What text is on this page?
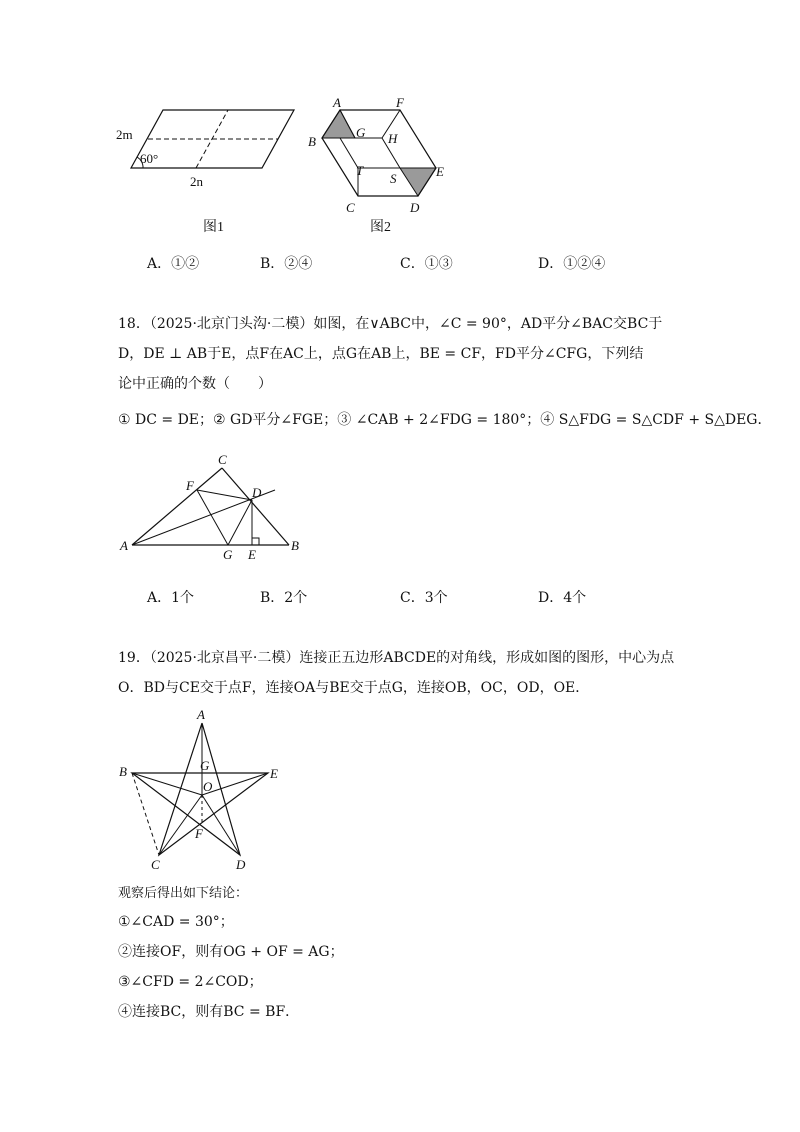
2m
60°
2n
图1
A	F
B
G H
T
S	E
C	D
图2
A．①②	B．②④	C．①③	D．①②④
18．（2025·北京门头沟·二模）如图，在∨ABC中，∠C = 90°，AD平分∠BAC交BC于
D，DE ⊥ AB于E，点F在AC上，点G在AB上，BE = CF，FD平分∠CFG，下列结
论中正确的个数（　　）
① DC = DE；② GD平分∠FGE；③ ∠CAB + 2∠FDG = 180°；④ S△FDG = S△CDF + S△DEG．
C
F	D
A
G E
B
A．1个	B．2个	C．3个	D．4个
19．（2025·北京昌平·二模）连接正五边形ABCDE的对角线，形成如图的图形，中心为点
O．BD与CE交于点F，连接OA与BE交于点G，连接OB，OC，OD，OE．
A
B	E
G
O
F
C	D
观察后得出如下结论：
①∠CAD = 30°；
②连接OF，则有OG + OF = AG；
③∠CFD = 2∠COD；
④连接BC，则有BC = BF．
